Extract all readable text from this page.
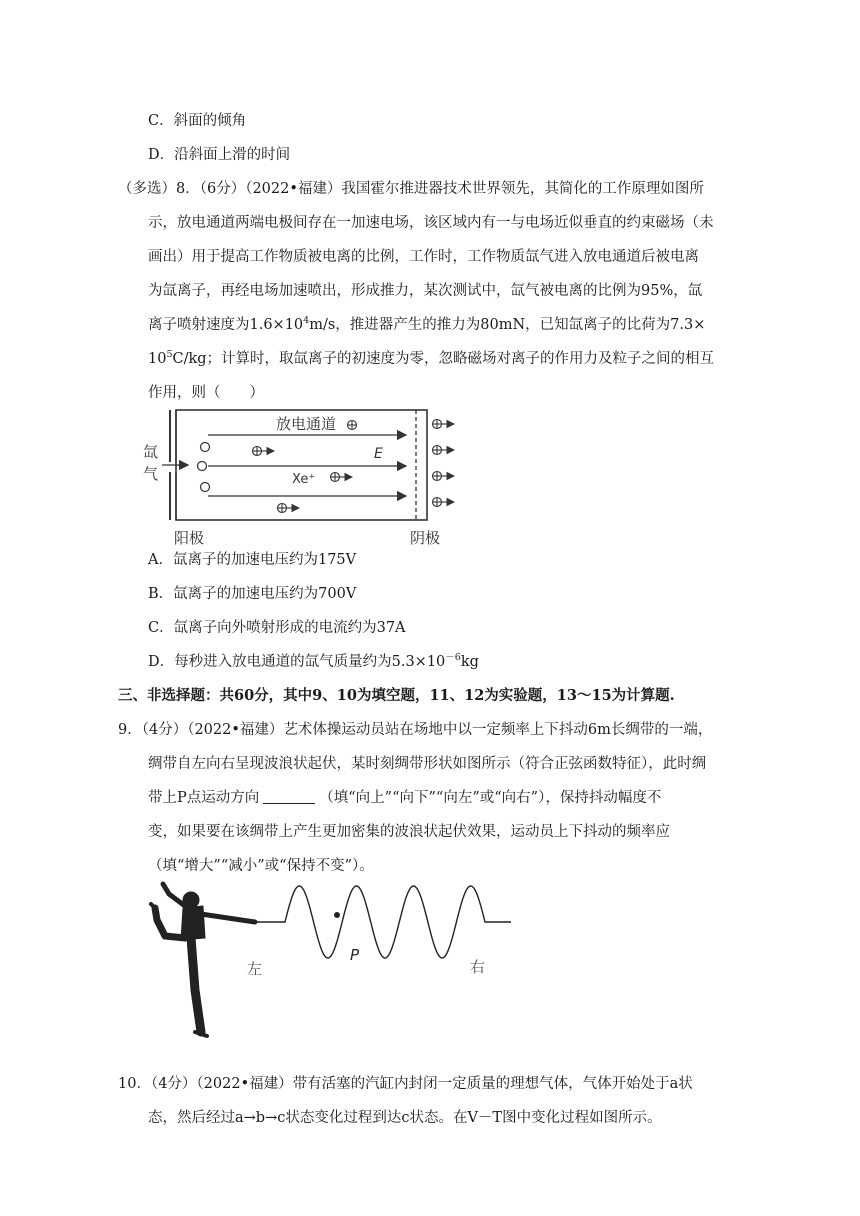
C．斜面的倾角
D．沿斜面上滑的时间
（多选）8．（6分）（2022•福建）我国霍尔推进器技术世界领先，其简化的工作原理如图所
示，放电通道两端电极间存在一加速电场，该区域内有一与电场近似垂直的约束磁场（未
画出）用于提高工作物质被电离的比例，工作时，工作物质氙气进入放电通道后被电离
为氙离子，再经电场加速喷出，形成推力，某次测试中，氙气被电离的比例为95%，氙
离子喷射速度为$1.6\times 10^4m/s$，推进器产生的推力为80mN，已知氙离子的比荷为7.3×
$10^5C/kg$；计算时，取氙离子的初速度为零，忽略磁场对离子的作用力及粒子之间的相互
作用，则（　　）
放电通道
氙
气
E
Xe⁺
阳极	阴极
A．氙离子的加速电压约为175V
B．氙离子的加速电压约为700V
C．氙离子向外喷射形成的电流约为37A
D．每秒进入放电通道的氙气质量约为$5.3\times 10^{-6}kg$
三、非选择题：共60分，其中9、10为填空题，11、12为实验题，13～15为计算题.
9．（4分）（2022•福建）艺术体操运动员站在场地中以一定频率上下抖动6m长绸带的一端，
绸带自左向右呈现波浪状起伏，某时刻绸带形状如图所示（符合正弦函数特征），此时绸
带上P点运动方向	（填“向上”“向下”“向左”或“向右”），保持抖动幅度不
变，如果要在该绸带上产生更加密集的波浪状起伏效果，运动员上下抖动的频率应
（填“增大”“减小”或“保持不变”）。
P
左	右
10．（4分）（2022•福建）带有活塞的汽缸内封闭一定质量的理想气体，气体开始处于a状
态，然后经过a→b→c状态变化过程到达c状态。在V－T图中变化过程如图所示。
